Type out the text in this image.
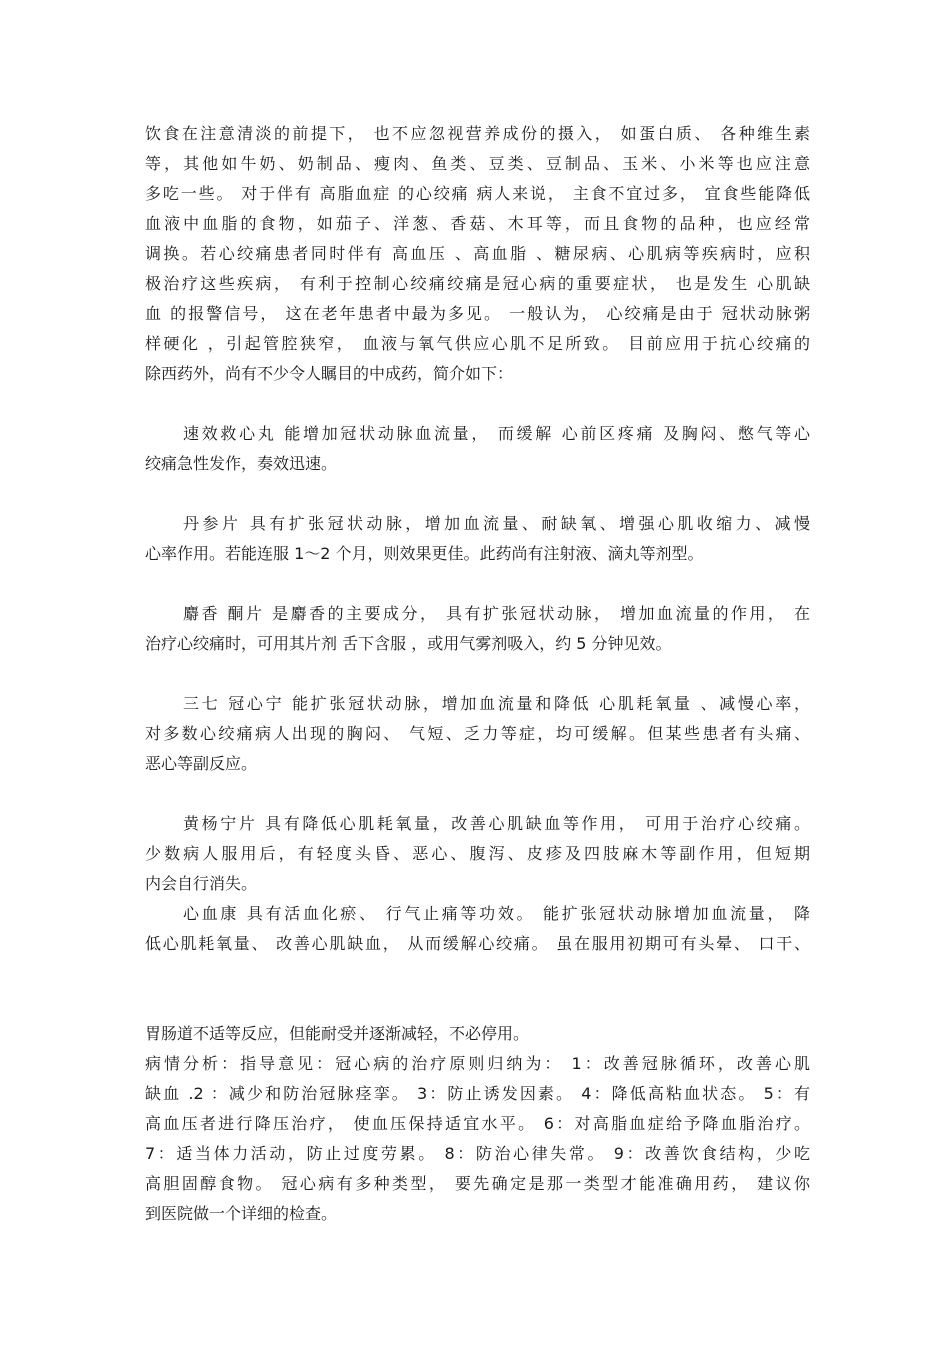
饮食在注意清淡的前提下， 也不应忽视营养成份的摄入， 如蛋白质、 各种维生素
等，其他如牛奶、奶制品、瘦肉、鱼类、豆类、豆制品、玉米、小米等也应注意
多吃一些。 对于伴有 高脂血症 的心绞痛 病人来说， 主食不宜过多， 宜食些能降低
血液中血脂的食物，如茄子、洋葱、香菇、木耳等，而且食物的品种，也应经常
调换。若心绞痛患者同时伴有 高血压 、高血脂 、糖尿病、心肌病等疾病时，应积
极治疗这些疾病， 有利于控制心绞痛绞痛是冠心病的重要症状， 也是发生 心肌缺
血 的报警信号， 这在老年患者中最为多见。 一般认为， 心绞痛是由于 冠状动脉粥
样硬化 ，引起管腔狭窄， 血液与氧气供应心肌不足所致。 目前应用于抗心绞痛的
除西药外，尚有不少令人瞩目的中成药，简介如下：
速效救心丸 能增加冠状动脉血流量， 而缓解 心前区疼痛 及胸闷、憋气等心
绞痛急性发作，奏效迅速。
丹参片 具有扩张冠状动脉，增加血流量、耐缺氧、增强心肌收缩力、减慢
心率作用。若能连服 1～2 个月，则效果更佳。此药尚有注射液、滴丸等剂型。
麝香 酮片 是麝香的主要成分， 具有扩张冠状动脉， 增加血流量的作用， 在
治疗心绞痛时，可用其片剂 舌下含服 ，或用气雾剂吸入，约 5 分钟见效。
三七 冠心宁 能扩张冠状动脉，增加血流量和降低 心肌耗氧量 、减慢心率，
对多数心绞痛病人出现的胸闷、 气短、乏力等症，均可缓解。但某些患者有头痛、
恶心等副反应。
黄杨宁片 具有降低心肌耗氧量，改善心肌缺血等作用， 可用于治疗心绞痛。
少数病人服用后，有轻度头昏、恶心、腹泻、皮疹及四肢麻木等副作用，但短期
内会自行消失。
心血康 具有活血化瘀、 行气止痛等功效。 能扩张冠状动脉增加血流量， 降
低心肌耗氧量、 改善心肌缺血， 从而缓解心绞痛。 虽在服用初期可有头晕、 口干、
胃肠道不适等反应，但能耐受并逐渐减轻，不必停用。
病情分析：指导意见：冠心病的治疗原则归纳为： 1：改善冠脉循环，改善心肌
缺血 .2 ：减少和防治冠脉痉挛。 3：防止诱发因素。 4：降低高粘血状态。 5：有
高血压者进行降压治疗， 使血压保持适宜水平。 6：对高脂血症给予降血脂治疗。
7：适当体力活动，防止过度劳累。 8：防治心律失常。 9：改善饮食结构，少吃
高胆固醇食物。 冠心病有多种类型， 要先确定是那一类型才能准确用药， 建议你
到医院做一个详细的检查。
